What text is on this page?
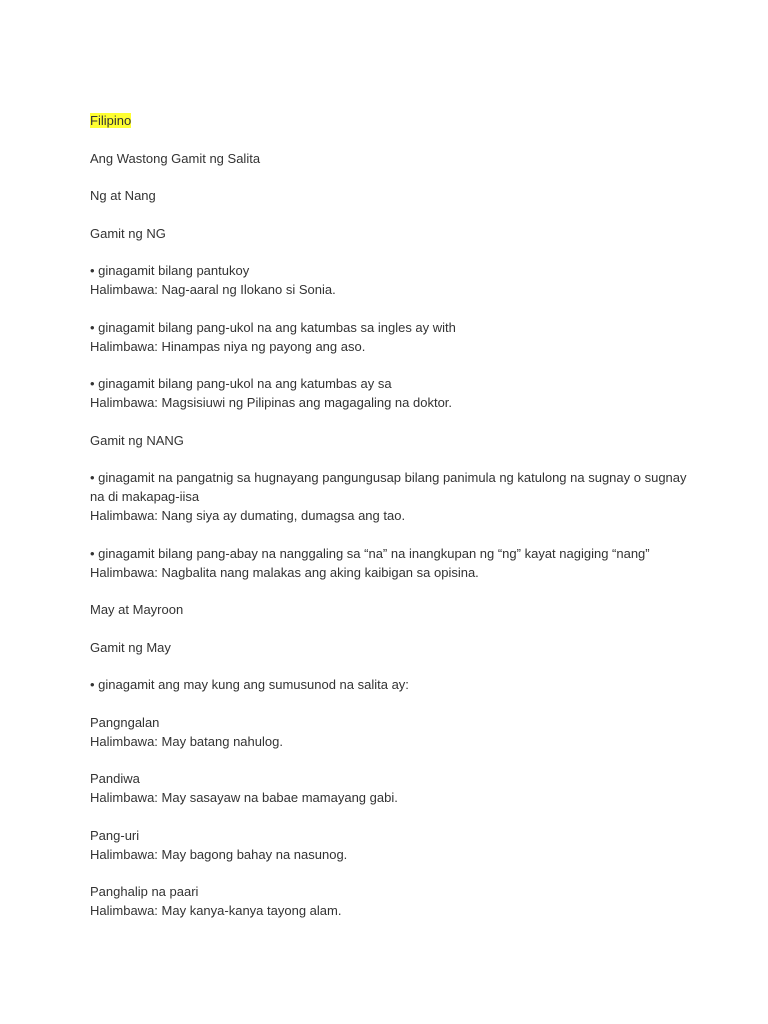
Filipino

Ang Wastong Gamit ng Salita

Ng at Nang

Gamit ng NG

• ginagamit bilang pantukoy
Halimbawa: Nag-aaral ng Ilokano si Sonia.

• ginagamit bilang pang-ukol na ang katumbas sa ingles ay with
Halimbawa: Hinampas niya ng payong ang aso.

• ginagamit bilang pang-ukol na ang katumbas ay sa
Halimbawa: Magsisiuwi ng Pilipinas ang magagaling na doktor.

Gamit ng NANG

• ginagamit na pangatnig sa hugnayang pangungusap bilang panimula ng katulong na sugnay o sugnay na di makapag-iisa
Halimbawa: Nang siya ay dumating, dumagsa ang tao.

• ginagamit bilang pang-abay na nanggaling sa “na” na inangkupan ng “ng” kayat nagiging “nang”
Halimbawa: Nagbalita nang malakas ang aking kaibigan sa opisina.

May at Mayroon

Gamit ng May

• ginagamit ang may kung ang sumusunod na salita ay:

Pangngalan
Halimbawa: May batang nahulog.

Pandiwa
Halimbawa: May sasayaw na babae mamayang gabi.

Pang-uri
Halimbawa: May bagong bahay na nasunog.

Panghalip na paari
Halimbawa: May kanya-kanya tayong alam.
